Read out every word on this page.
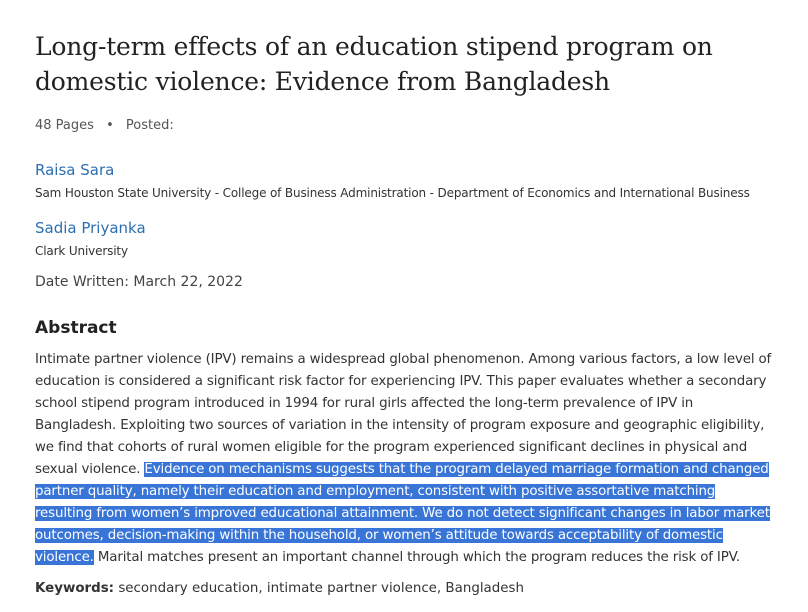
Long-term effects of an education stipend program on domestic violence: Evidence from Bangladesh
48 Pages • Posted:
Raisa Sara
Sam Houston State University - College of Business Administration - Department of Economics and International Business
Sadia Priyanka
Clark University
Date Written: March 22, 2022
Abstract

Intimate partner violence (IPV) remains a widespread global phenomenon. Among various factors, a low level of education is considered a significant risk factor for experiencing IPV. This paper evaluates whether a secondary school stipend program introduced in 1994 for rural girls affected the long-term prevalence of IPV in Bangladesh. Exploiting two sources of variation in the intensity of program exposure and geographic eligibility, we find that cohorts of rural women eligible for the program experienced significant declines in physical and sexual violence. Evidence on mechanisms suggests that the program delayed marriage formation and changed partner quality, namely their education and employment, consistent with positive assortative matching resulting from women’s improved educational attainment. We do not detect significant changes in labor market outcomes, decision-making within the household, or women’s attitude towards acceptability of domestic violence. Marital matches present an important channel through which the program reduces the risk of IPV.

Keywords: secondary education, intimate partner violence, Bangladesh
